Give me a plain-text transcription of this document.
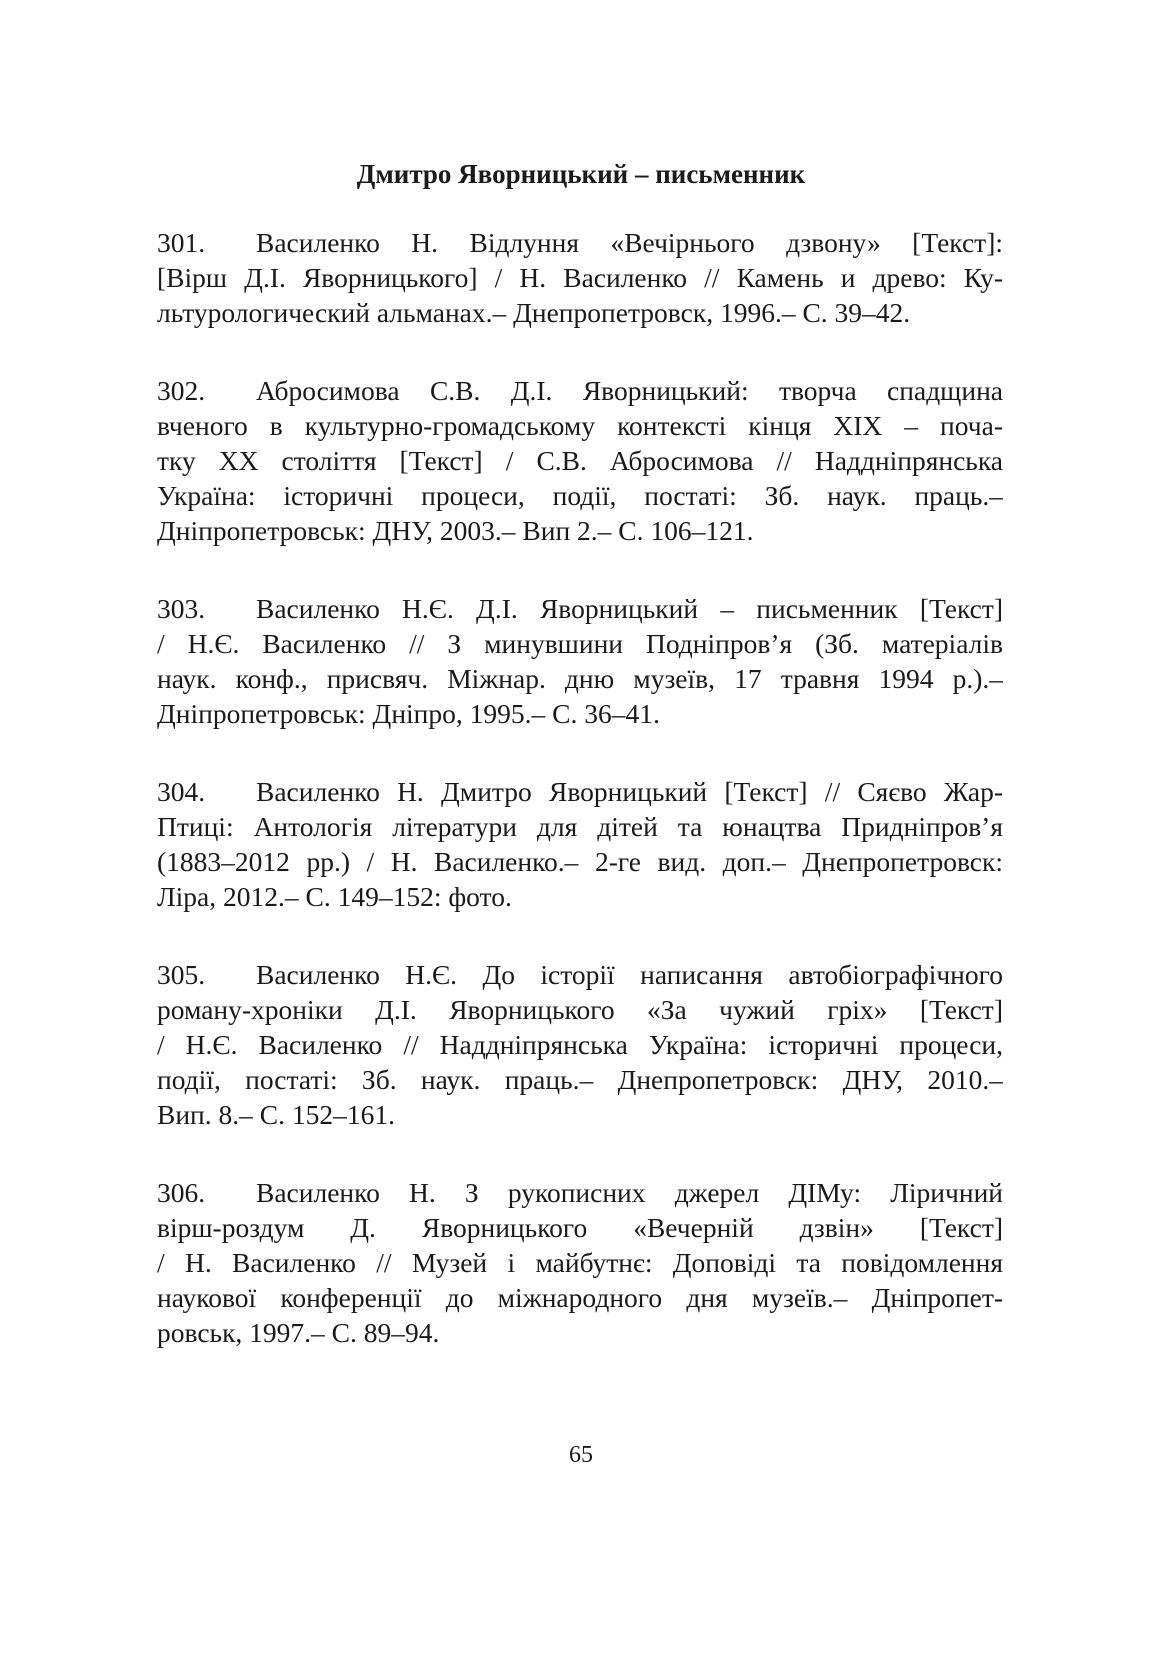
Дмитро Яворницький – письменник
301.	Василенко Н. Відлуння «Вечірнього дзвону» [Текст]:
[Вірш Д.І. Яворницького] / Н. Василенко // Камень и древо: Ку-
льтурологический альманах.– Днепропетровск, 1996.– С. 39–42.
302.	Абросимова С.В. Д.І. Яворницький: творча спадщина
вченого в культурно-громадському контексті кінця ХІХ – поча-
тку ХХ століття [Текст] / С.В. Абросимова // Наддніпрянська
Україна: історичні процеси, події, постаті: Зб. наук. праць.–
Дніпропетровськ: ДНУ, 2003.– Вип 2.– С. 106–121.
303.	Василенко Н.Є. Д.І. Яворницький – письменник [Текст]
/ Н.Є. Василенко // З минувшини Подніпров’я (Зб. матеріалів
наук. конф., присвяч. Міжнар. дню музеїв, 17 травня 1994 р.).–
Дніпропетровськ: Дніпро, 1995.– С. 36–41.
304.	Василенко Н. Дмитро Яворницький [Текст] // Сяєво Жар-
Птиці: Антологія літератури для дітей та юнацтва Придніпров’я
(1883–2012 рр.) / Н. Василенко.– 2-ге вид. доп.– Днепропетровск:
Ліра, 2012.– С. 149–152: фото.
305.	Василенко Н.Є. До історії написання автобіографічного
роману-хроніки Д.І. Яворницького «За чужий гріх» [Текст]
/ Н.Є. Василенко // Наддніпрянська Україна: історичні процеси,
події, постаті: Зб. наук. праць.– Днепропетровск: ДНУ, 2010.–
Вип. 8.– С. 152–161.
306.	Василенко Н. З рукописних джерел ДІМу: Ліричний
вірш-роздум Д. Яворницького «Вечерній дзвін» [Текст]
/ Н. Василенко // Музей і майбутнє: Доповіді та повідомлення
наукової конференції до міжнародного дня музеїв.– Дніпропет-
ровськ, 1997.– С. 89–94.
65
